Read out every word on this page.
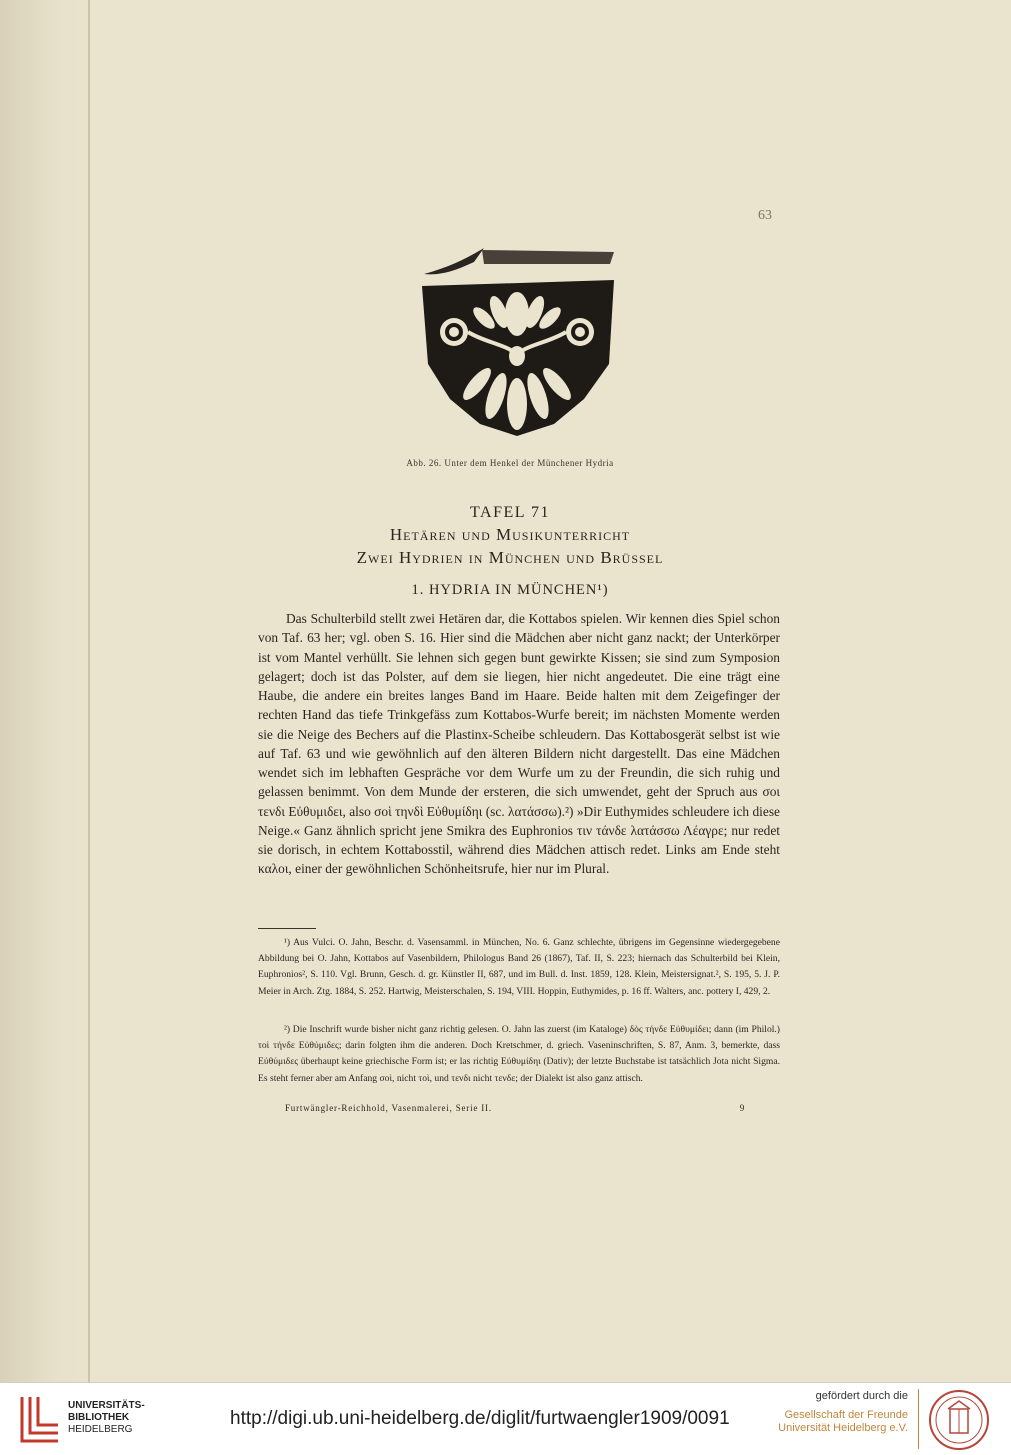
63
Abb. 26. Unter dem Henkel der Münchener Hydria
TAFEL 71
Hetären und Musikunterricht
Zwei Hydrien in München und Brüssel
1. HYDRIA IN MÜNCHEN¹)

Das Schulterbild stellt zwei Hetären dar, die Kottabos spielen. Wir kennen dies Spiel schon von Taf. 63 her; vgl. oben S. 16. Hier sind die Mädchen aber nicht ganz nackt; der Unterkörper ist vom Mantel verhüllt. Sie lehnen sich gegen bunt gewirkte Kissen; sie sind zum Symposion gelagert; doch ist das Polster, auf dem sie liegen, hier nicht angedeutet. Die eine trägt eine Haube, die andere ein breites langes Band im Haare. Beide halten mit dem Zeigefinger der rechten Hand das tiefe Trinkgefäss zum Kottabos-Wurfe bereit; im nächsten Momente werden sie die Neige des Bechers auf die Plastinx-Scheibe schleudern. Das Kottabosgerät selbst ist wie auf Taf. 63 und wie gewöhnlich auf den älteren Bildern nicht dargestellt. Das eine Mädchen wendet sich im lebhaften Gespräche vor dem Wurfe um zu der Freundin, die sich ruhig und gelassen benimmt. Von dem Munde der ersteren, die sich umwendet, geht der Spruch aus σοι τενδι Εὐθυμιδει, also σοὶ τηνδὶ Εὐθυμίδηι (sc. λατάσσω).²) »Dir Euthymides schleudere ich diese Neige.« Ganz ähnlich spricht jene Smikra des Euphronios τιν τάνδε λατάσσω Λέαγρε; nur redet sie dorisch, in echtem Kottabosstil, während dies Mädchen attisch redet. Links am Ende steht καλοι, einer der gewöhnlichen Schönheitsrufe, hier nur im Plural.

¹) Aus Vulci. O. Jahn, Beschr. d. Vasensamml. in München, No. 6. Ganz schlechte, übrigens im Gegensinne wiedergegebene Abbildung bei O. Jahn, Kottabos auf Vasenbildern, Philologus Band 26 (1867), Taf. II, S. 223; hiernach das Schulterbild bei Klein, Euphronios², S. 110. Vgl. Brunn, Gesch. d. gr. Künstler II, 687, und im Bull. d. Inst. 1859, 128. Klein, Meistersignat.², S. 195, 5. J. P. Meier in Arch. Ztg. 1884, S. 252. Hartwig, Meisterschalen, S. 194, VIII. Hoppin, Euthymides, p. 16 ff. Walters, anc. pottery I, 429, 2.

²) Die Inschrift wurde bisher nicht ganz richtig gelesen. O. Jahn las zuerst (im Kataloge) δὸς τήνδε Εὐθυμίδει; dann (im Philol.) τοὶ τήνδε Εὐθύμιδες; darin folgten ihm die anderen. Doch Kretschmer, d. griech. Vaseninschriften, S. 87, Anm. 3, bemerkte, dass Εὐθύμιδες überhaupt keine griechische Form ist; er las richtig Εὐθυμίδηι (Dativ); der letzte Buchstabe ist tatsächlich Jota nicht Sigma. Es steht ferner aber am Anfang σοὶ, nicht τοὶ, und τενδι nicht τενδε; der Dialekt ist also ganz attisch.

Furtwängler-Reichhold, Vasenmalerei, Serie II.	9
UNIVERSITÄTS-
BIBLIOTHEK
HEIDELBERG
http://digi.ub.uni-heidelberg.de/diglit/furtwaengler1909/0091
gefördert durch die
Gesellschaft der Freunde
Universität Heidelberg e.V.
